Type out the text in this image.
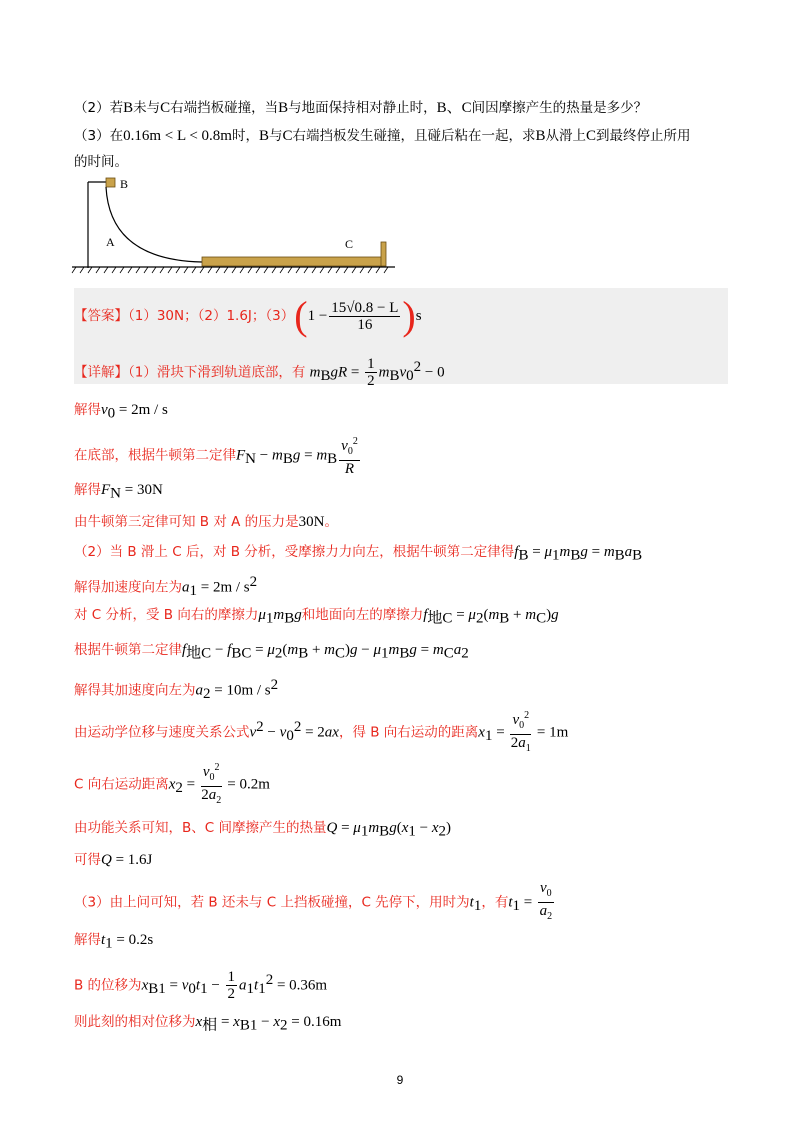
（2）若B未与C右端挡板碰撞，当B与地面保持相对静止时，B、C间因摩擦产生的热量是多少？
（3）在0.16m < L < 0.8m时，B与C右端挡板发生碰撞，且碰后粘在一起，求B从滑上C到最终停止所用
的时间。
B
A	C
【答案】（1）30N；（2）1.6J；$(3)(1 - \frac{15√0.8 - L}{16} )s$
【详解】（1）滑块下滑到轨道底部，有 $m_BgR = \frac{1}{2} m_Bv_0^2 - 0$
解得$v_0 = 2m / s$
在底部，根据牛顿第二定律$F_N - m_Bg = m_B \frac{v_0^2}{R}$
解得$F_N = 30N$
由牛顿第三定律可知 B 对 A 的压力是30N。
（2）当 B 滑上 C 后，对 B 分析，受摩擦力力向左，根据牛顿第二定律得$f_B = \mu_1m_Bg = m_Ba_B$
解得加速度向左为$a_1 = 2m / s^2$
对 C 分析，受 B 向右的摩擦力$\mu_1m_Bg$和地面向左的摩擦力$f_{地C} = \mu_2(m_B + m_C)g$
根据牛顿第二定律$f_{地C} - f_{BC} = \mu_2(m_B + m_C)g - \mu_1m_Bg = m_Ca_2$
解得其加速度向左为$a_2 = 10m / s^2$
由运动学位移与速度关系公式$v^2 - v_0^2 = 2ax$，得 B 向右运动的距离$x_1 = \frac{v_0^2}{2a_1} = 1m$
C 向右运动距离$x_2 = \frac{v_0^2}{2a_2} = 0.2m$
由功能关系可知，B、C 间摩擦产生的热量$Q = \mu_1m_Bg(x_1 - x_2)$
可得Q = 1.6J
（3）由上问可知，若 B 还未与 C 上挡板碰撞，C 先停下，用时为$t_1$，有$t_1 = \frac{v_0}{a_2}$
解得$t_1 = 0.2s$
B 的位移为$x_{B1} = v_0t_1 - \frac{1}{2} a_1t_1^2 = 0.36m$
则此刻的相对位移为$x_相 = x_{B1} - x_2 = 0.16m$
9
